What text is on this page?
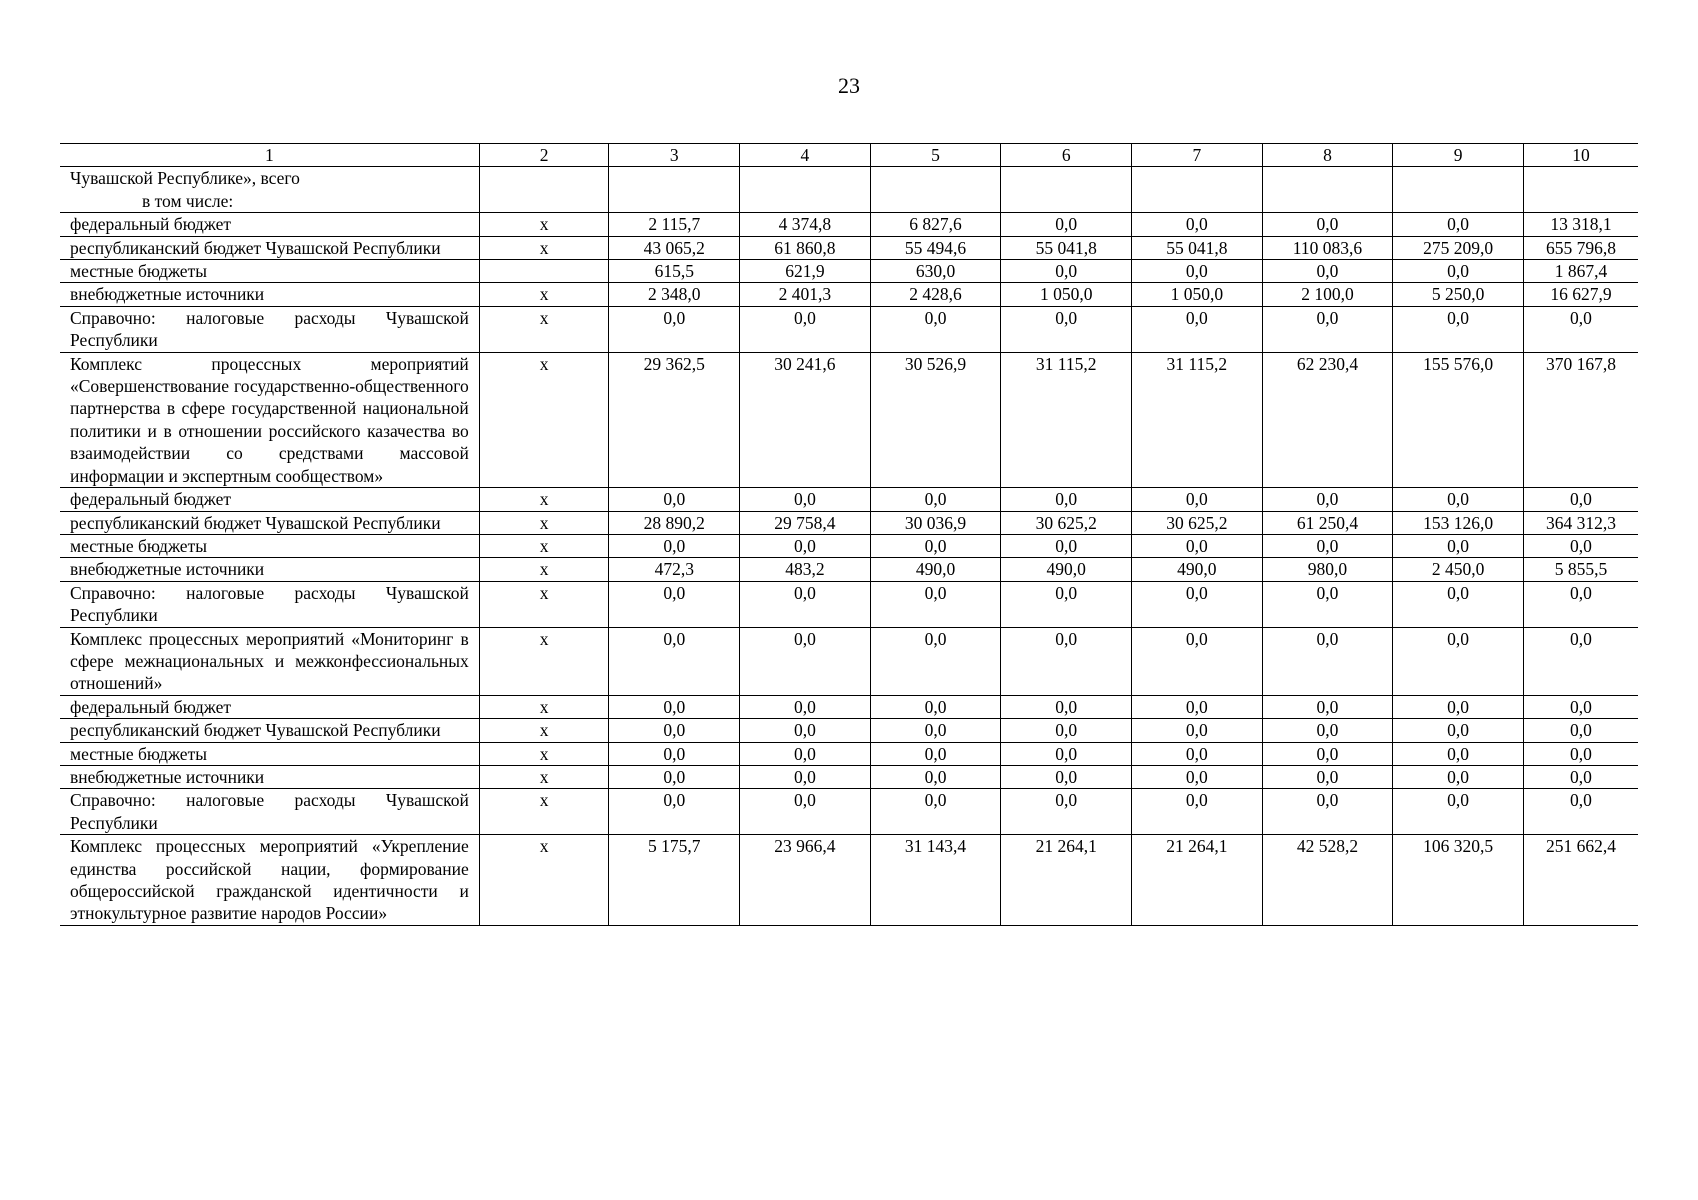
23
1	2	3	4	5	6	7	8	9	10
Чувашской Республике», всего
в том числе:									

федеральный бюджет	x	2 115,7	4 374,8	6 827,6	0,0	0,0	0,0	0,0	13 318,1
республиканский бюджет Чувашской Республики	x	43 065,2	61 860,8	55 494,6	55 041,8	55 041,8	110 083,6	275 209,0	655 796,8
местные бюджеты		615,5	621,9	630,0	0,0	0,0	0,0	0,0	1 867,4
внебюджетные источники	x	2 348,0	2 401,3	2 428,6	1 050,0	1 050,0	2 100,0	5 250,0	16 627,9
Справочно: налоговые расходы Чувашской Республики	x	0,0	0,0	0,0	0,0	0,0	0,0	0,0	0,0
Комплекс процессных мероприятий «Совершенствование государственно-общественного партнерства в сфере государственной национальной политики и в отношении российского казачества во взаимодействии со средствами массовой информации и экспертным сообществом»	x	29 362,5	30 241,6	30 526,9	31 115,2	31 115,2	62 230,4	155 576,0	370 167,8
федеральный бюджет	x	0,0	0,0	0,0	0,0	0,0	0,0	0,0	0,0
республиканский бюджет Чувашской Республики	x	28 890,2	29 758,4	30 036,9	30 625,2	30 625,2	61 250,4	153 126,0	364 312,3
местные бюджеты	x	0,0	0,0	0,0	0,0	0,0	0,0	0,0	0,0
внебюджетные источники	x	472,3	483,2	490,0	490,0	490,0	980,0	2 450,0	5 855,5
Справочно: налоговые расходы Чувашской Республики	x	0,0	0,0	0,0	0,0	0,0	0,0	0,0	0,0
Комплекс процессных мероприятий «Мониторинг в сфере межнациональных и межконфессиональных отношений»	x	0,0	0,0	0,0	0,0	0,0	0,0	0,0	0,0
федеральный бюджет	x	0,0	0,0	0,0	0,0	0,0	0,0	0,0	0,0
республиканский бюджет Чувашской Республики	x	0,0	0,0	0,0	0,0	0,0	0,0	0,0	0,0
местные бюджеты	x	0,0	0,0	0,0	0,0	0,0	0,0	0,0	0,0
внебюджетные источники	x	0,0	0,0	0,0	0,0	0,0	0,0	0,0	0,0
Справочно: налоговые расходы Чувашской Республики	x	0,0	0,0	0,0	0,0	0,0	0,0	0,0	0,0
Комплекс процессных мероприятий «Укрепление единства российской нации, формирование общероссийской гражданской идентичности и этнокультурное развитие народов России»	x	5 175,7	23 966,4	31 143,4	21 264,1	21 264,1	42 528,2	106 320,5	251 662,4
